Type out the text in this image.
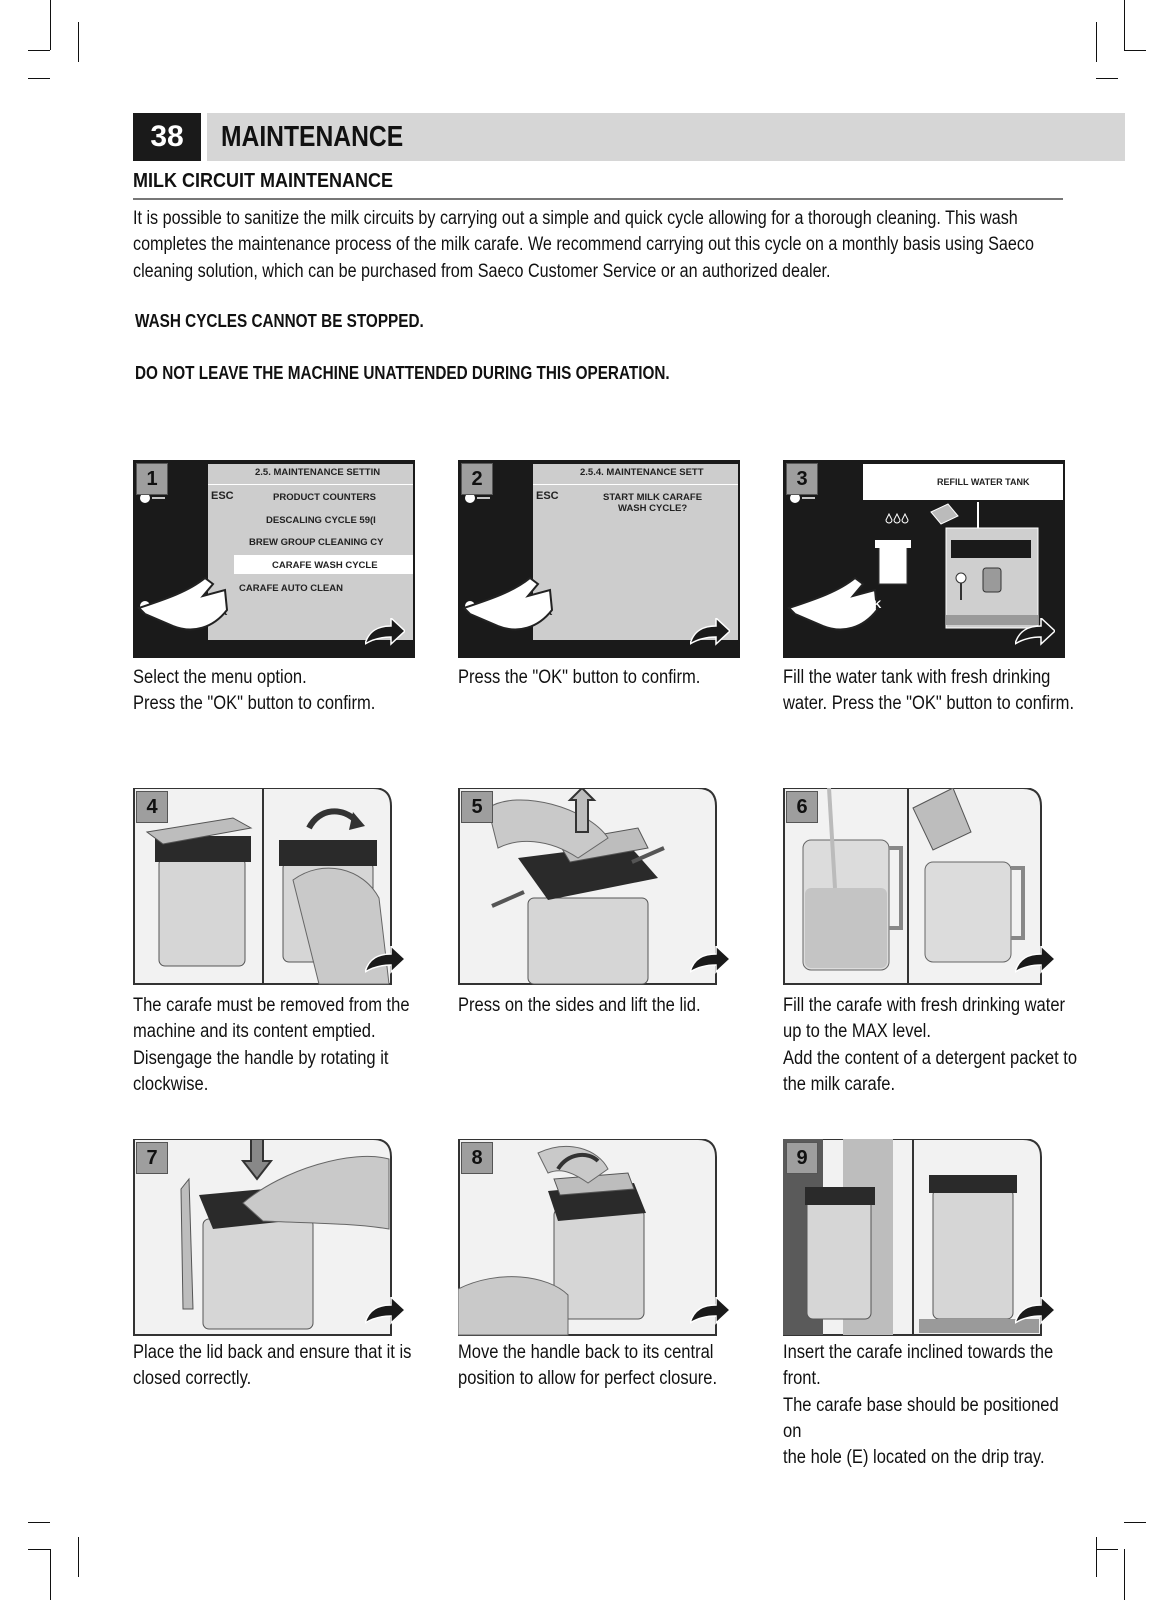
38	MAINTENANCE
MILK CIRCUIT MAINTENANCE

It is possible to sanitize the milk circuits by carrying out a simple and quick cycle allowing for a thorough cleaning. This wash completes the maintenance process of the milk carafe. We recommend carrying out this cycle on a monthly basis using Saeco cleaning solution, which can be purchased from Saeco Customer Service or an authorized dealer.

WASH CYCLES CANNOT BE STOPPED.

DO NOT LEAVE THE MACHINE UNATTENDED DURING THIS OPERATION.

2.5. MAINTENANCE SETTIN
ESC	PRODUCT COUNTERS
DESCALING CYCLE 59(I
BREW GROUP CLEANING CY
CARAFE WASH CYCLE
CARAFE AUTO CLEAN
1

Select the menu option.
Press the "OK" button to confirm.

2.5.4. MAINTENANCE SETT
ESC	START MILK CARAFE
WASH CYCLE?
2

Press the "OK" button to confirm.

REFILL WATER TANK
OK
3

Fill the water tank with fresh drinking
water. Press the "OK" button to confirm.

4

The carafe must be removed from the
machine and its content emptied.
Disengage the handle by rotating it
clockwise.

5

Press on the sides and lift the lid.

6

Fill the carafe with fresh drinking water
up to the MAX level.
Add the content of a detergent packet to
the milk carafe.

7

Place the lid back and ensure that it is
closed correctly.

8

Move the handle back to its central
position to allow for perfect closure.

9

Insert the carafe inclined towards the
front.
The carafe base should be positioned on
the hole (E) located on the drip tray.
